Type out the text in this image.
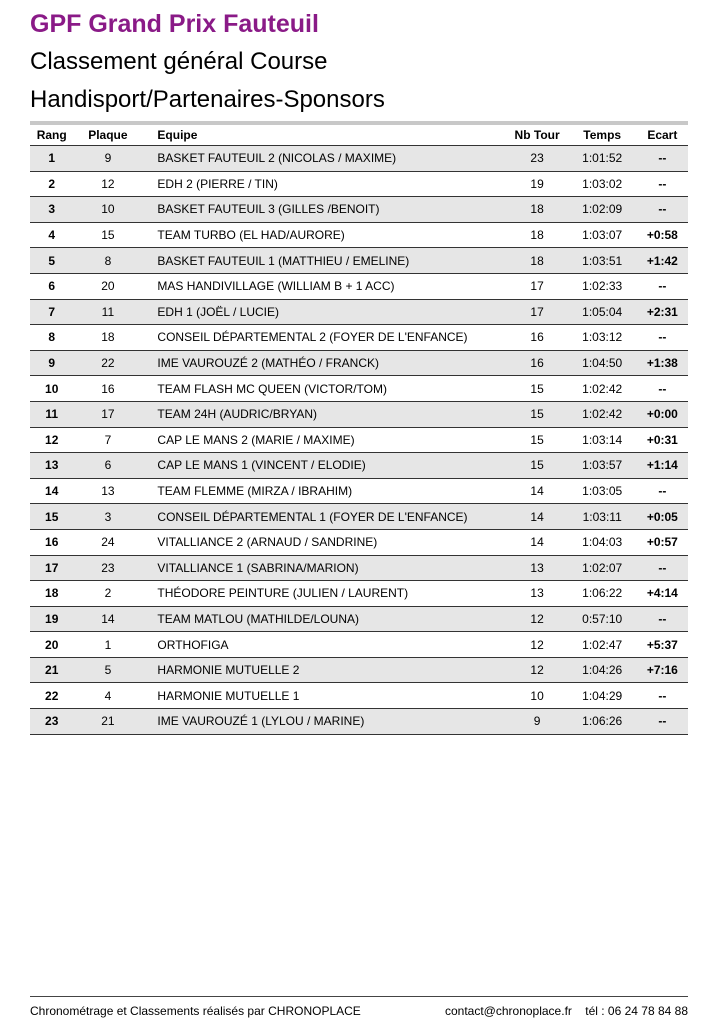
GPF Grand Prix Fauteuil
Classement général Course
Handisport/Partenaires-Sponsors
Rang	Plaque	Equipe	Nb Tour	Temps	Ecart
1	9	BASKET FAUTEUIL 2 (NICOLAS / MAXIME)	23	1:01:52	--
2	12	EDH 2 (PIERRE / TIN)	19	1:03:02	--
3	10	BASKET FAUTEUIL 3 (GILLES /BENOIT)	18	1:02:09	--
4	15	TEAM TURBO (EL HAD/AURORE)	18	1:03:07	+0:58
5	8	BASKET FAUTEUIL 1 (MATTHIEU / EMELINE)	18	1:03:51	+1:42
6	20	MAS HANDIVILLAGE (WILLIAM B + 1 ACC)	17	1:02:33	--
7	11	EDH 1 (JOËL / LUCIE)	17	1:05:04	+2:31
8	18	CONSEIL DÉPARTEMENTAL 2 (FOYER DE L'ENFANCE)	16	1:03:12	--
9	22	IME VAUROUZÉ 2 (MATHÉO / FRANCK)	16	1:04:50	+1:38
10	16	TEAM FLASH MC QUEEN (VICTOR/TOM)	15	1:02:42	--
11	17	TEAM 24H (AUDRIC/BRYAN)	15	1:02:42	+0:00
12	7	CAP LE MANS 2 (MARIE / MAXIME)	15	1:03:14	+0:31
13	6	CAP LE MANS 1 (VINCENT / ELODIE)	15	1:03:57	+1:14
14	13	TEAM FLEMME (MIRZA / IBRAHIM)	14	1:03:05	--
15	3	CONSEIL DÉPARTEMENTAL 1 (FOYER DE L'ENFANCE)	14	1:03:11	+0:05
16	24	VITALLIANCE 2 (ARNAUD / SANDRINE)	14	1:04:03	+0:57
17	23	VITALLIANCE 1 (SABRINA/MARION)	13	1:02:07	--
18	2	THÉODORE PEINTURE (JULIEN / LAURENT)	13	1:06:22	+4:14
19	14	TEAM MATLOU (MATHILDE/LOUNA)	12	0:57:10	--
20	1	ORTHOFIGA	12	1:02:47	+5:37
21	5	HARMONIE MUTUELLE 2	12	1:04:26	+7:16
22	4	HARMONIE MUTUELLE 1	10	1:04:29	--
23	21	IME VAUROUZÉ 1 (LYLOU / MARINE)	9	1:06:26	--
Chronométrage et Classements réalisés par CHRONOPLACE	contact@chronoplace.fr tél : 06 24 78 84 88
